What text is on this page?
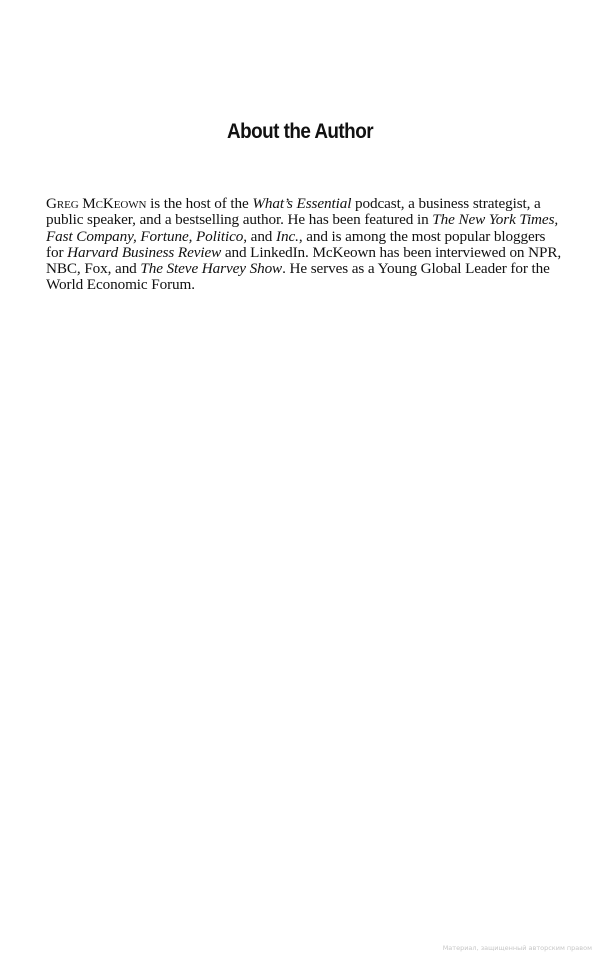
About the Author

Greg McKeown is the host of the What’s Essential podcast, a business strategist, a public speaker, and a bestselling author. He has been featured in The New York Times, Fast Company, Fortune, Politico, and Inc., and is among the most popular bloggers for Harvard Business Review and LinkedIn. McKeown has been interviewed on NPR, NBC, Fox, and The Steve Harvey Show. He serves as a Young Global Leader for the World Economic Forum.

Материал, защищенный авторским правом
